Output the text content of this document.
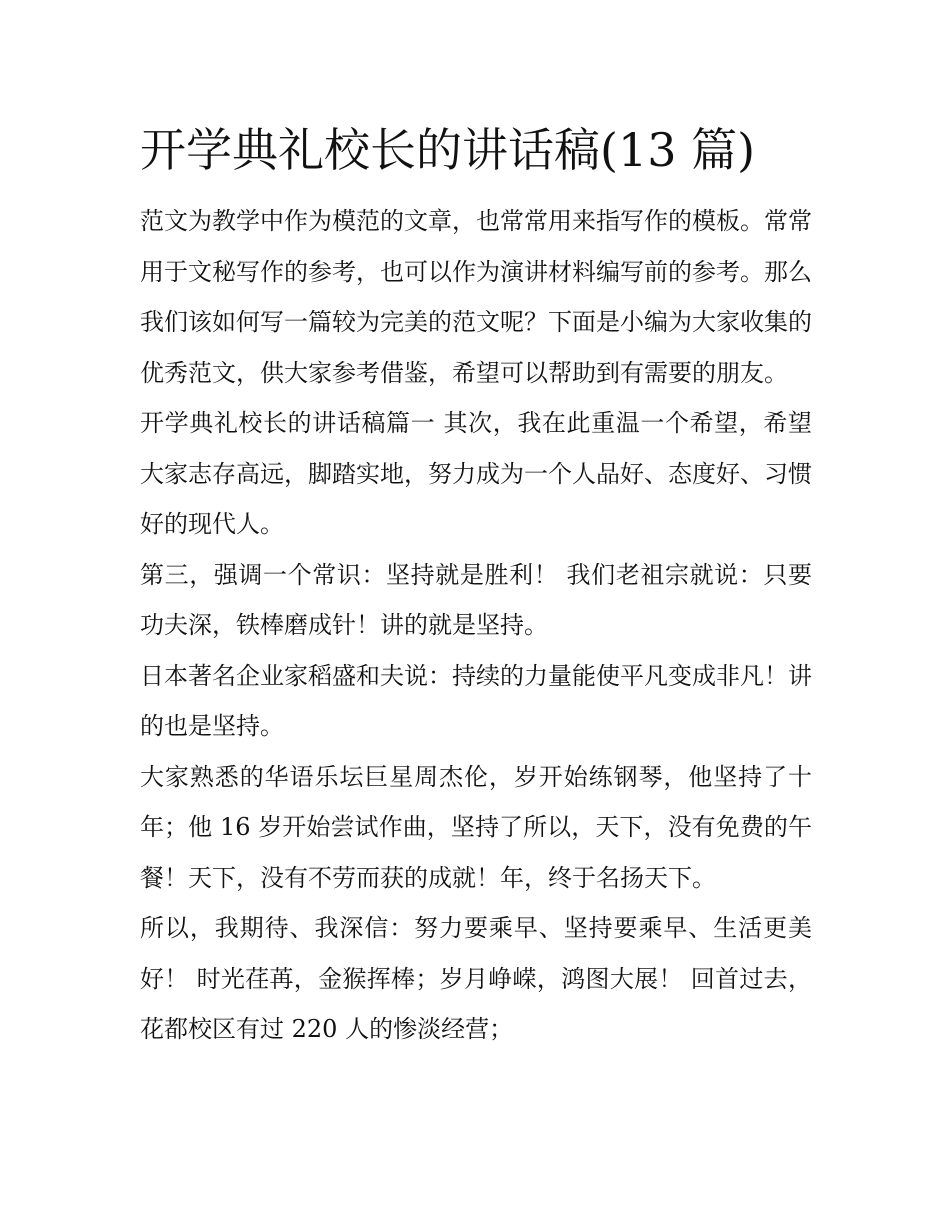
开学典礼校长的讲话稿(13 篇)

范文为教学中作为模范的文章，也常常用来指写作的模板。常常用于文秘写作的参考，也可以作为演讲材料编写前的参考。那么我们该如何写一篇较为完美的范文呢？下面是小编为大家收集的优秀范文，供大家参考借鉴，希望可以帮助到有需要的朋友。

开学典礼校长的讲话稿篇一 其次，我在此重温一个希望，希望大家志存高远，脚踏实地，努力成为一个人品好、态度好、习惯好的现代人。

第三，强调一个常识：坚持就是胜利！ 我们老祖宗就说：只要功夫深，铁棒磨成针！讲的就是坚持。

日本著名企业家稻盛和夫说：持续的力量能使平凡变成非凡！讲的也是坚持。

大家熟悉的华语乐坛巨星周杰伦，岁开始练钢琴，他坚持了十年；他 16 岁开始尝试作曲，坚持了所以，天下，没有免费的午餐！天下，没有不劳而获的成就！年，终于名扬天下。

所以，我期待、我深信：努力要乘早、坚持要乘早、生活更美好！ 时光荏苒，金猴挥棒；岁月峥嵘，鸿图大展！ 回首过去，花都校区有过 220 人的惨淡经营；
